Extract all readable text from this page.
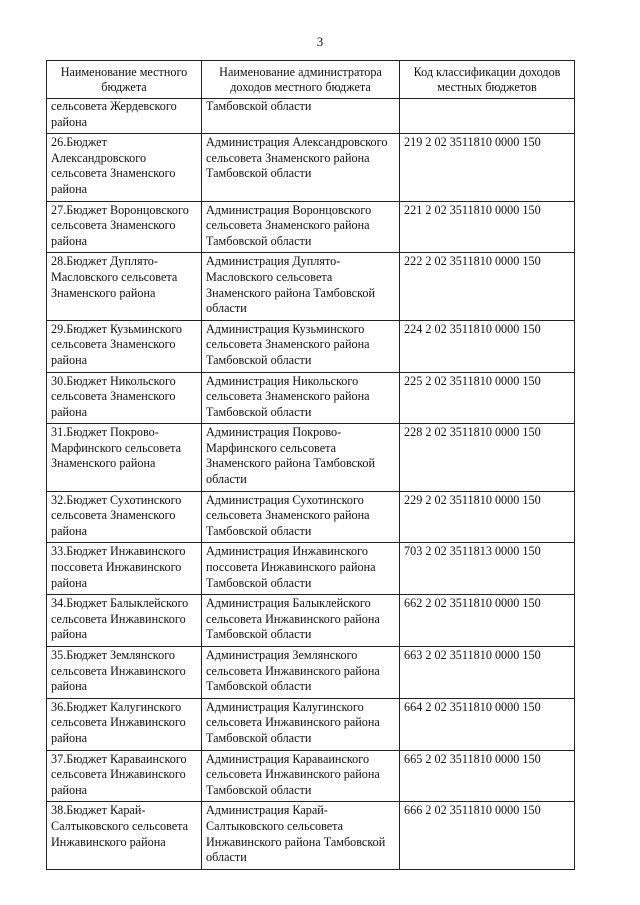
3
Наименование местного бюджета	Наименование администратора доходов местного бюджета	Код классификации доходов местных бюджетов
сельсовета Жердевского района	Тамбовской области	
26.Бюджет Александровского сельсовета Знаменского района	Администрация Александровского сельсовета Знаменского района Тамбовской области	219 2 02 3511810 0000 150
27.Бюджет Воронцовского сельсовета Знаменского района	Администрация Воронцовского сельсовета Знаменского района Тамбовской области	221 2 02 3511810 0000 150
28.Бюджет Дуплято-Масловского сельсовета Знаменского района	Администрация Дуплято-Масловского сельсовета Знаменского района Тамбовской области	222 2 02 3511810 0000 150
29.Бюджет Кузьминского сельсовета Знаменского района	Администрация Кузьминского сельсовета Знаменского района Тамбовской области	224 2 02 3511810 0000 150
30.Бюджет Никольского сельсовета Знаменского района	Администрация Никольского сельсовета Знаменского района Тамбовской области	225 2 02 3511810 0000 150
31.Бюджет Покрово-Марфинского сельсовета Знаменского района	Администрация Покрово-Марфинского сельсовета Знаменского района Тамбовской области	228 2 02 3511810 0000 150
32.Бюджет Сухотинского сельсовета Знаменского района	Администрация Сухотинского сельсовета Знаменского района Тамбовской области	229 2 02 3511810 0000 150
33.Бюджет Инжавинского поссовета Инжавинского района	Администрация Инжавинского поссовета Инжавинского района Тамбовской области	703 2 02 3511813 0000 150
34.Бюджет Балыклейского сельсовета Инжавинского района	Администрация Балыклейского сельсовета Инжавинского района Тамбовской области	662 2 02 3511810 0000 150
35.Бюджет Землянского сельсовета Инжавинского района	Администрация Землянского сельсовета Инжавинского района Тамбовской области	663 2 02 3511810 0000 150
36.Бюджет Калугинского сельсовета Инжавинского района	Администрация Калугинского сельсовета Инжавинского района Тамбовской области	664 2 02 3511810 0000 150
37.Бюджет Каравaинского сельсовета Инжавинского района	Администрация Каравaинского сельсовета Инжавинского района Тамбовской области	665 2 02 3511810 0000 150
38.Бюджет Карай-Салтыковского сельсовета Инжавинского района	Администрация Карай-Салтыковского сельсовета Инжавинского района Тамбовской области	666 2 02 3511810 0000 150
